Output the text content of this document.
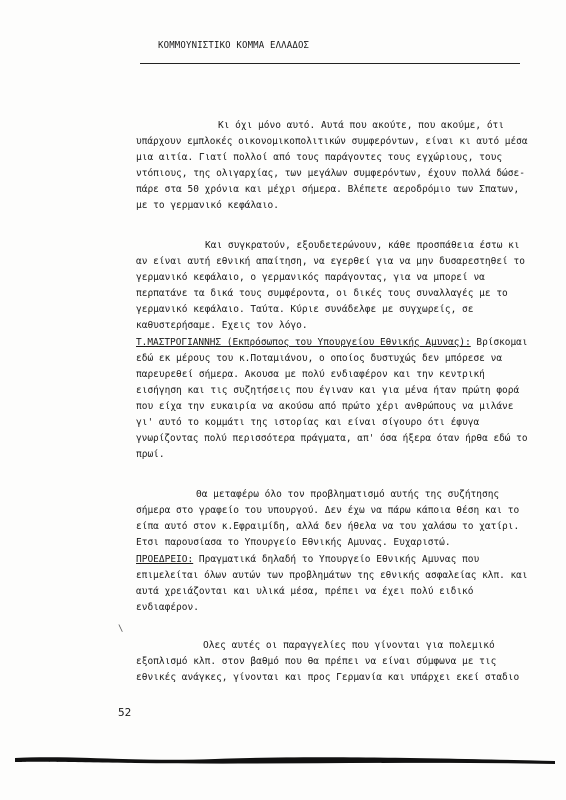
ΚΟΜΜΟΥΝΙΣΤΙΚΟ ΚΟΜΜΑ ΕΛΛΑΔΟΣ
Κι όχι μόνο αυτό. Αυτά που ακούτε, που ακούμε, ότι
υπάρχουν εμπλοκές οικονομικοπολιτικών συμφερόντων, είναι κι αυτό μέσα
μια αιτία. Γιατί πολλοί από τους παράγοντες τους εγχώριους, τους
ντόπιους, της ολιγαρχίας, των μεγάλων συμφερόντων, έχουν πολλά δώσε-
πάρε στα 50 χρόνια και μέχρι σήμερα. Βλέπετε αεροδρόμιο των Σπατων,
με το γερμανικό κεφάλαιο.
Και συγκρατούν, εξουδετερώνουν, κάθε προσπάθεια έστω κι
αν είναι αυτή εθνική απαίτηση, να εγερθεί για να μην δυσαρεστηθεί το
γερμανικό κεφάλαιο, ο γερμανικός παράγοντας, για να μπορεί να
περπατάνε τα δικά τους συμφέροντα, οι δικές τους συναλλαγές με το
γερμανικό κεφάλαιο. Ταύτα. Κύριε συνάδελφε με συγχωρείς, σε
καθυστερήσαμε. Εχεις τον λόγο.
Τ.ΜΑΣΤΡΟΓΙΑΝΝΗΣ (Εκπρόσωπος του Υπουργείου Εθνικής Αμυνας): Βρίσκομαι
εδώ εκ μέρους του κ.Ποταμιάνου, ο οποίος δυστυχώς δεν μπόρεσε να
παρευρεθεί σήμερα. Ακουσα με πολύ ενδιαφέρον και την κεντρική
εισήγηση και τις συζητήσεις που έγιναν και για μένα ήταν πρώτη φορά
που είχα την ευκαιρία να ακούσω από πρώτο χέρι ανθρώπους να μιλάνε
γι' αυτό το κομμάτι της ιστορίας και είναι σίγουρο ότι έφυγα
γνωρίζοντας πολύ περισσότερα πράγματα, απ' όσα ήξερα όταν ήρθα εδώ το
πρωί.
Θα μεταφέρω όλο τον προβληματισμό αυτής της συζήτησης
σήμερα στο γραφείο του υπουργού. Δεν έχω να πάρω κάποια θέση και το
είπα αυτό στον κ.Εφραιμίδη, αλλά δεν ήθελα να του χαλάσω το χατίρι.
Ετσι παρουσίασα το Υπουργείο Εθνικής Αμυνας. Ευχαριστώ.
ΠΡΟΕΔΡΕΙΟ: Πραγματικά δηλαδή το Υπουργείο Εθνικής Αμυνας που
επιμελείται όλων αυτών των προβλημάτων της εθνικής ασφαλείας κλπ. και
αυτά χρειάζονται και υλικά μέσα, πρέπει να έχει πολύ ειδικό
ενδιαφέρον.
\
Ολες αυτές οι παραγγελίες που γίνονται για πολεμικό
εξοπλισμό κλπ. στον βαθμό που θα πρέπει να είναι σύμφωνα με τις
εθνικές ανάγκες, γίνονται και προς Γερμανία και υπάρχει εκεί σταδιο
52
